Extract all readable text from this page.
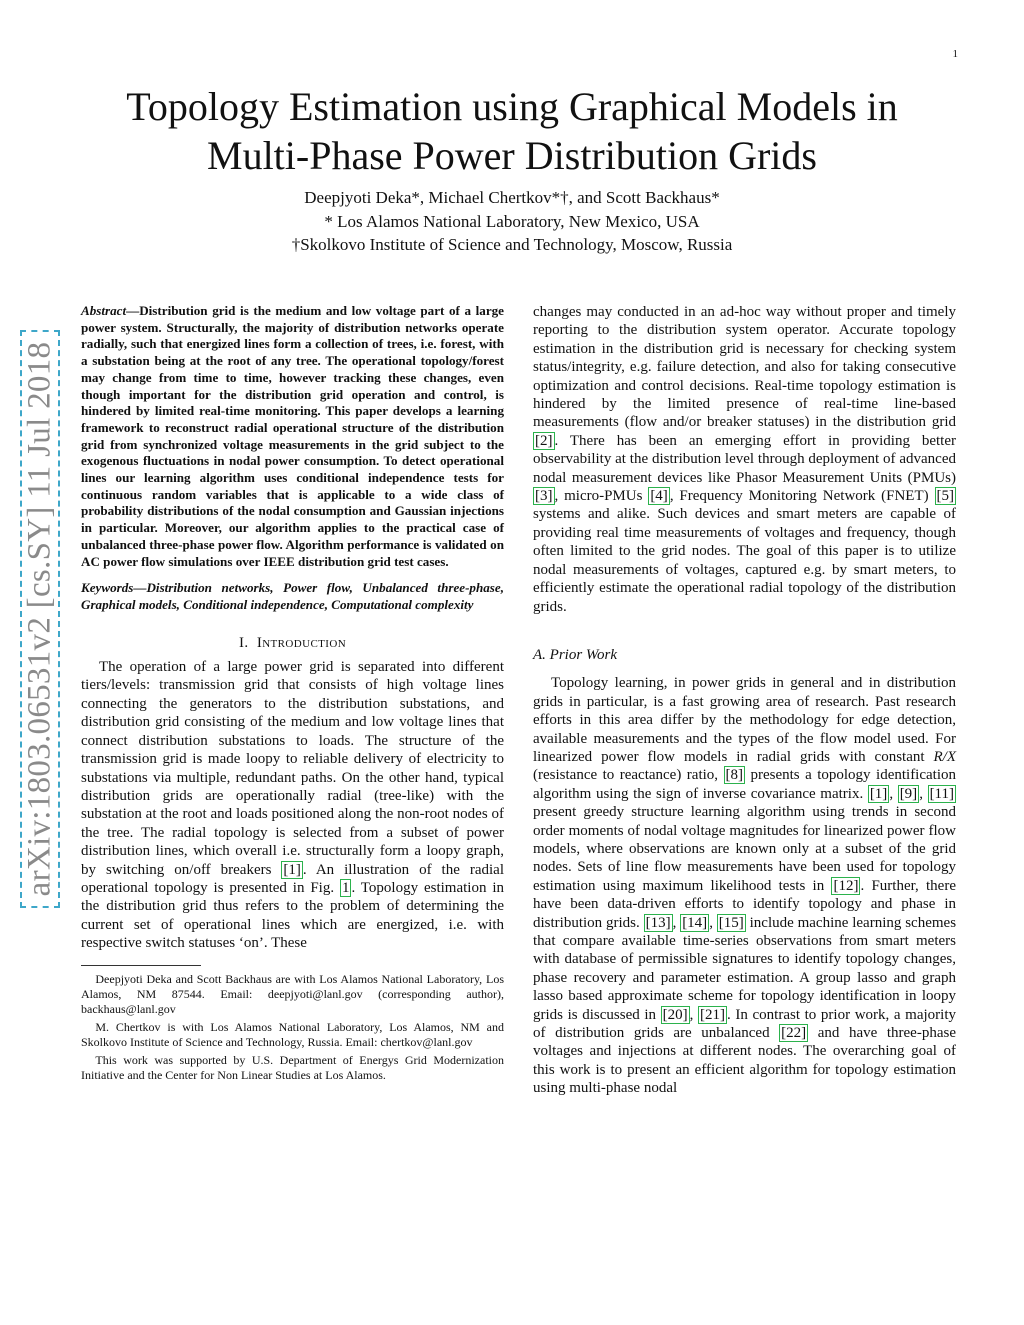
1
arXiv:1803.06531v2 [cs.SY] 11 Jul 2018
Topology Estimation using Graphical Models in
Multi-Phase Power Distribution Grids
Deepjyoti Deka*, Michael Chertkov*†, and Scott Backhaus*
* Los Alamos National Laboratory, New Mexico, USA
†Skolkovo Institute of Science and Technology, Moscow, Russia

Abstract—Distribution grid is the medium and low voltage part of a large power system. Structurally, the majority of distribution networks operate radially, such that energized lines form a collection of trees, i.e. forest, with a substation being at the root of any tree. The operational topology/forest may change from time to time, however tracking these changes, even though important for the distribution grid operation and control, is hindered by limited real-time monitoring. This paper develops a learning framework to reconstruct radial operational structure of the distribution grid from synchronized voltage measurements in the grid subject to the exogenous fluctuations in nodal power consumption. To detect operational lines our learning algorithm uses conditional independence tests for continuous random variables that is applicable to a wide class of probability distributions of the nodal consumption and Gaussian injections in particular. Moreover, our algorithm applies to the practical case of unbalanced three-phase power flow. Algorithm performance is validated on AC power flow simulations over IEEE distribution grid test cases.

Keywords—Distribution networks, Power flow, Unbalanced three-phase, Graphical models, Conditional independence, Computational complexity

I. Introduction

The operation of a large power grid is separated into different tiers/levels: transmission grid that consists of high voltage lines connecting the generators to the distribution substations, and distribution grid consisting of the medium and low voltage lines that connect distribution substations to loads. The structure of the transmission grid is made loopy to reliable delivery of electricity to substations via multiple, redundant paths. On the other hand, typical distribution grids are operationally radial (tree-like) with the substation at the root and loads positioned along the non-root nodes of the tree. The radial topology is selected from a subset of power distribution lines, which overall i.e. structurally form a loopy graph, by switching on/off breakers [1] . An illustration of the radial operational topology is presented in Fig. 1 . Topology estimation in the distribution grid thus refers to the problem of determining the current set of operational lines which are energized, i.e. with respective switch statuses ‘on’. These

Deepjyoti Deka and Scott Backhaus are with Los Alamos National Laboratory, Los Alamos, NM 87544. Email: deepjyoti@lanl.gov (corresponding author), backhaus@lanl.gov

M. Chertkov is with Los Alamos National Laboratory, Los Alamos, NM and Skolkovo Institute of Science and Technology, Russia. Email: chertkov@lanl.gov

This work was supported by U.S. Department of Energys Grid Modernization Initiative and the Center for Non Linear Studies at Los Alamos.

changes may conducted in an ad-hoc way without proper and timely reporting to the distribution system operator. Accurate topology estimation in the distribution grid is necessary for checking system status/integrity, e.g. failure detection, and also for taking consecutive optimization and control decisions. Real-time topology estimation is hindered by the limited presence of real-time line-based measurements (flow and/or breaker statuses) in the distribution grid [2] . There has been an emerging effort in providing better observability at the distribution level through deployment of advanced nodal measurement devices like Phasor Measurement Units (PMUs) [3] , micro-PMUs [4] , Frequency Monitoring Network (FNET) [5] systems and alike. Such devices and smart meters are capable of providing real time measurements of voltages and frequency, though often limited to the grid nodes. The goal of this paper is to utilize nodal measurements of voltages, captured e.g. by smart meters, to efficiently estimate the operational radial topology of the distribution grids.

A. Prior Work

Topology learning, in power grids in general and in distribution grids in particular, is a fast growing area of research. Past research efforts in this area differ by the methodology for edge detection, available measurements and the types of the flow model used. For linearized power flow models in radial grids with constant R/X (resistance to reactance) ratio, [8] presents a topology identification algorithm using the sign of inverse covariance matrix. [1] , [9] , [11] present greedy structure learning algorithm using trends in second order moments of nodal voltage magnitudes for linearized power flow models, where observations are known only at a subset of the grid nodes. Sets of line flow measurements have been used for topology estimation using maximum likelihood tests in [12] . Further, there have been data-driven efforts to identify topology and phase in distribution grids. [13] , [14] , [15] include machine learning schemes that compare available time-series observations from smart meters with database of permissible signatures to identify topology changes, phase recovery and parameter estimation. A group lasso and graph lasso based approximate scheme for topology identification in loopy grids is discussed in [20] , [21] . In contrast to prior work, a majority of distribution grids are unbalanced [22] and have three-phase voltages and injections at different nodes. The overarching goal of this work is to present an efficient algorithm for topology estimation using multi-phase nodal
